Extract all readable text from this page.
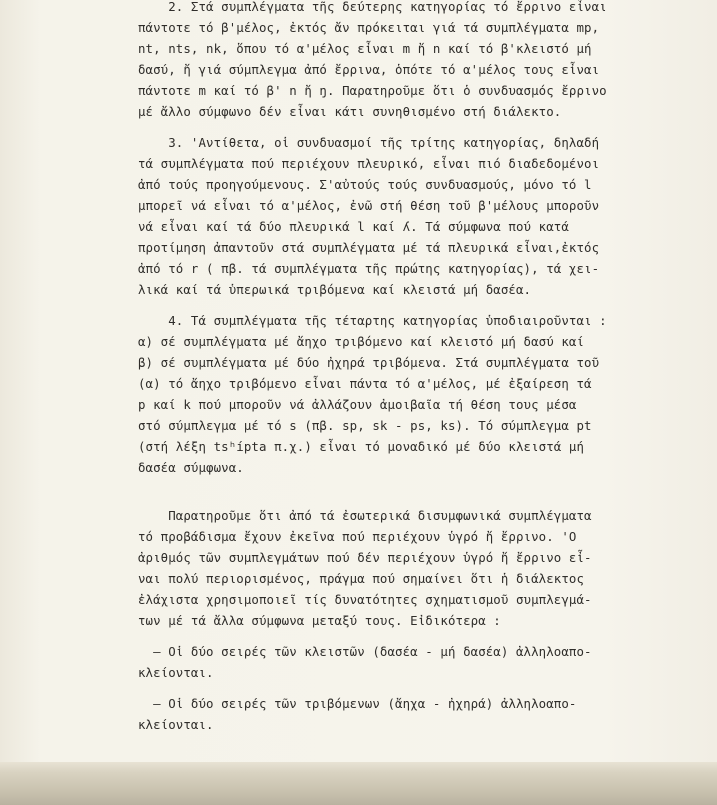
2. Στά συμπλέγματα τῆς δεύτερης κατηγορίας τό ἔρρινο εἶναι
πάντοτε τό β'μέλος, ἐκτός ἄν πρόκειται γιά τά συμπλέγματα mp,
nt, nts, nk, ὅπου τό α'μέλος εἶναι m ἤ n καί τό β'κλειστό μή
δασύ, ἤ γιά σύμπλεγμα ἀπό ἔρρινα, ὁπότε τό α'μέλος τους εἶναι
πάντοτε m καί τό β' n ἤ ŋ. Παρατηροῦμε ὅτι ὁ συνδυασμός ἔρρινο
μέ ἄλλο σύμφωνο δέν εἶναι κάτι συνηθισμένο στή διάλεκτο.
3. 'Αντίθετα, οἱ συνδυασμοί τῆς τρίτης κατηγορίας, δηλαδή
τά συμπλέγματα πού περιέχουν πλευρικό, εἶναι πιό διαδεδομένοι
ἀπό τούς προηγούμενους. Σ'αὐτούς τούς συνδυασμούς, μόνο τό l
μπορεῖ νά εἶναι τό α'μέλος, ἐνῶ στή θέση τοῦ β'μέλους μποροῦν
νά εἶναι καί τά δύο πλευρικά l καί ʎ. Τά σύμφωνα πού κατά
προτίμηση ἀπαντοῦν στά συμπλέγματα μέ τά πλευρικά εἶναι,ἐκτός
ἀπό τό r ( πβ. τά συμπλέγματα τῆς πρώτης κατηγορίας), τά χει-
λικά καί τά ὑπερωικά τριβόμενα καί κλειστά μή δασέα.
4. Τά συμπλέγματα τῆς τέταρτης κατηγορίας ὑποδιαιροῦνται :
α) σέ συμπλέγματα μέ ἄηχο τριβόμενο καί κλειστό μή δασύ καί
β) σέ συμπλέγματα μέ δύο ἠχηρά τριβόμενα. Στά συμπλέγματα τοῦ
(α) τό ἄηχο τριβόμενο εἶναι πάντα τό α'μέλος, μέ ἐξαίρεση τά
p καί k πού μποροῦν νά ἀλλάζουν ἀμοιβαῖα τή θέση τους μέσα
στό σύμπλεγμα μέ τό s (πβ. sp, sk - ps, ks). Τό σύμπλεγμα pt
(στή λέξη tsʰípta π.χ.) εἶναι τό μοναδικό μέ δύο κλειστά μή
δασέα σύμφωνα.
Παρατηροῦμε ὅτι ἀπό τά ἐσωτερικά δισυμφωνικά συμπλέγματα
τό προβάδισμα ἔχουν ἐκεῖνα πού περιέχουν ὑγρό ἤ ἔρρινο. 'Ο
ἀριθμός τῶν συμπλεγμάτων πού δέν περιέχουν ὑγρό ἤ ἔρρινο εἶ-
ναι πολύ περιορισμένος, πράγμα πού σημαίνει ὅτι ἡ διάλεκτος
ἐλάχιστα χρησιμοποιεῖ τίς δυνατότητες σχηματισμοῦ συμπλεγμά-
των μέ τά ἄλλα σύμφωνα μεταξύ τους. Εἰδικότερα :
— Οἱ δύο σειρές τῶν κλειστῶν (δασέα - μή δασέα) ἀλληλοαπο-
κλείονται.
— Οἱ δύο σειρές τῶν τριβόμενων (ἄηχα - ἠχηρά) ἀλληλοαπο-
κλείονται.
